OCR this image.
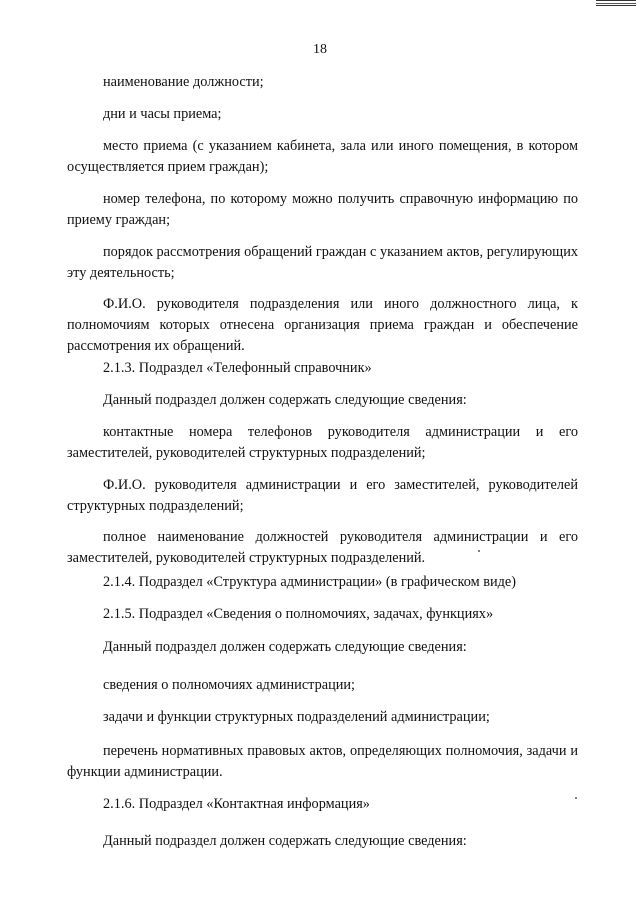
18

наименование должности;

дни и часы приема;

место приема (с указанием кабинета, зала или иного помещения, в котором осуществляется прием граждан);

номер телефона, по которому можно получить справочную информацию по приему граждан;

порядок рассмотрения обращений граждан с указанием актов, регулирующих эту деятельность;

Ф.И.О. руководителя подразделения или иного должностного лица, к полномочиям которых отнесена организация приема граждан и обеспечение рассмотрения их обращений.

2.1.3. Подраздел «Телефонный справочник»

Данный подраздел должен содержать следующие сведения:

контактные номера телефонов руководителя администрации и его заместителей, руководителей структурных подразделений;

Ф.И.О. руководителя администрации и его заместителей, руководителей структурных подразделений;

полное наименование должностей руководителя администрации и его заместителей, руководителей структурных подразделений.

2.1.4. Подраздел «Структура администрации» (в графическом виде)

2.1.5. Подраздел «Сведения о полномочиях, задачах, функциях»

Данный подраздел должен содержать следующие сведения:

сведения о полномочиях администрации;

задачи и функции структурных подразделений администрации;

перечень нормативных правовых актов, определяющих полномочия, задачи и функции администрации.

2.1.6. Подраздел «Контактная информация»

Данный подраздел должен содержать следующие сведения:
